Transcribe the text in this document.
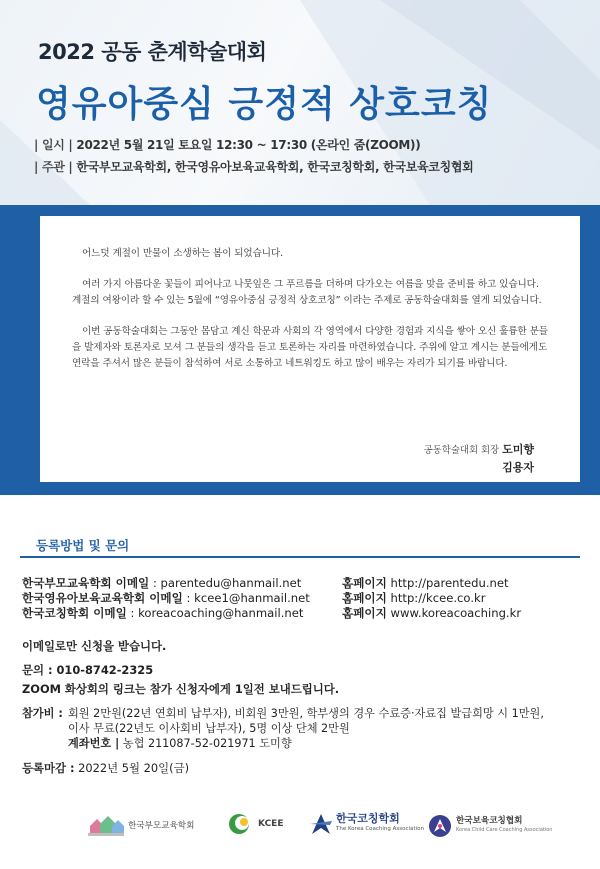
2022 공동 춘계학술대회
영유아중심 긍정적 상호코칭
| 일시 | 2022년 5월 21일 토요일 12:30 ~ 17:30 (온라인 줌(ZOOM))
| 주관 | 한국부모교육학회, 한국영유아보육교육학회, 한국코칭학회, 한국보육코칭협회

어느덧 계절이 만물이 소생하는 봄이 되었습니다.

여러 가지 아름다운 꽃들이 피어나고 나뭇잎은 그 푸르름을 더하며 다가오는 여름을 맞을 준비를 하고 있습니다. 계절의 여왕이라 할 수 있는 5월에 “영유아중심 긍정적 상호코칭” 이라는 주제로 공동학술대회를 열게 되었습니다.

이번 공동학술대회는 그동안 몸담고 계신 학문과 사회의 각 영역에서 다양한 경험과 지식을 쌓아 오신 훌륭한 분들을 발제자와 토론자로 모셔 그 분들의 생각을 듣고 토론하는 자리를 마련하였습니다. 주위에 알고 계시는 분들에게도 연락을 주셔서 많은 분들이 참석하여 서로 소통하고 네트워킹도 하고 많이 배우는 자리가 되기를 바랍니다.

공동학술대회 회장 도미향
김용자
등록방법 및 문의
한국부모교육학회 이메일 : parentedu@hanmail.net	홈페이지 http://parentedu.net
한국영유아보육교육학회 이메일 : kcee1@hanmail.net	홈페이지 http://kcee.co.kr
한국코칭학회 이메일 : koreacoaching@hanmail.net	홈페이지 www.koreacoaching.kr
이메일로만 신청을 받습니다.
문의 : 010-8742-2325
ZOOM 화상회의 링크는 참가 신청자에게 1일전 보내드립니다.
참가비 : 회원 2만원(22년 연회비 납부자), 비회원 3만원, 학부생의 경우 수료증·자료집 발급희망 시 1만원,
이사 무료(22년도 이사회비 납부자), 5명 이상 단체 2만원
계좌번호 | 농협 211087-52-021971 도미향
등록마감 : 2022년 5월 20일(금)
한국부모교육학회	KCEE	한국코칭학회
The Korea Coaching Association
한국보육코칭협회
Korea Child Care Coaching Association
